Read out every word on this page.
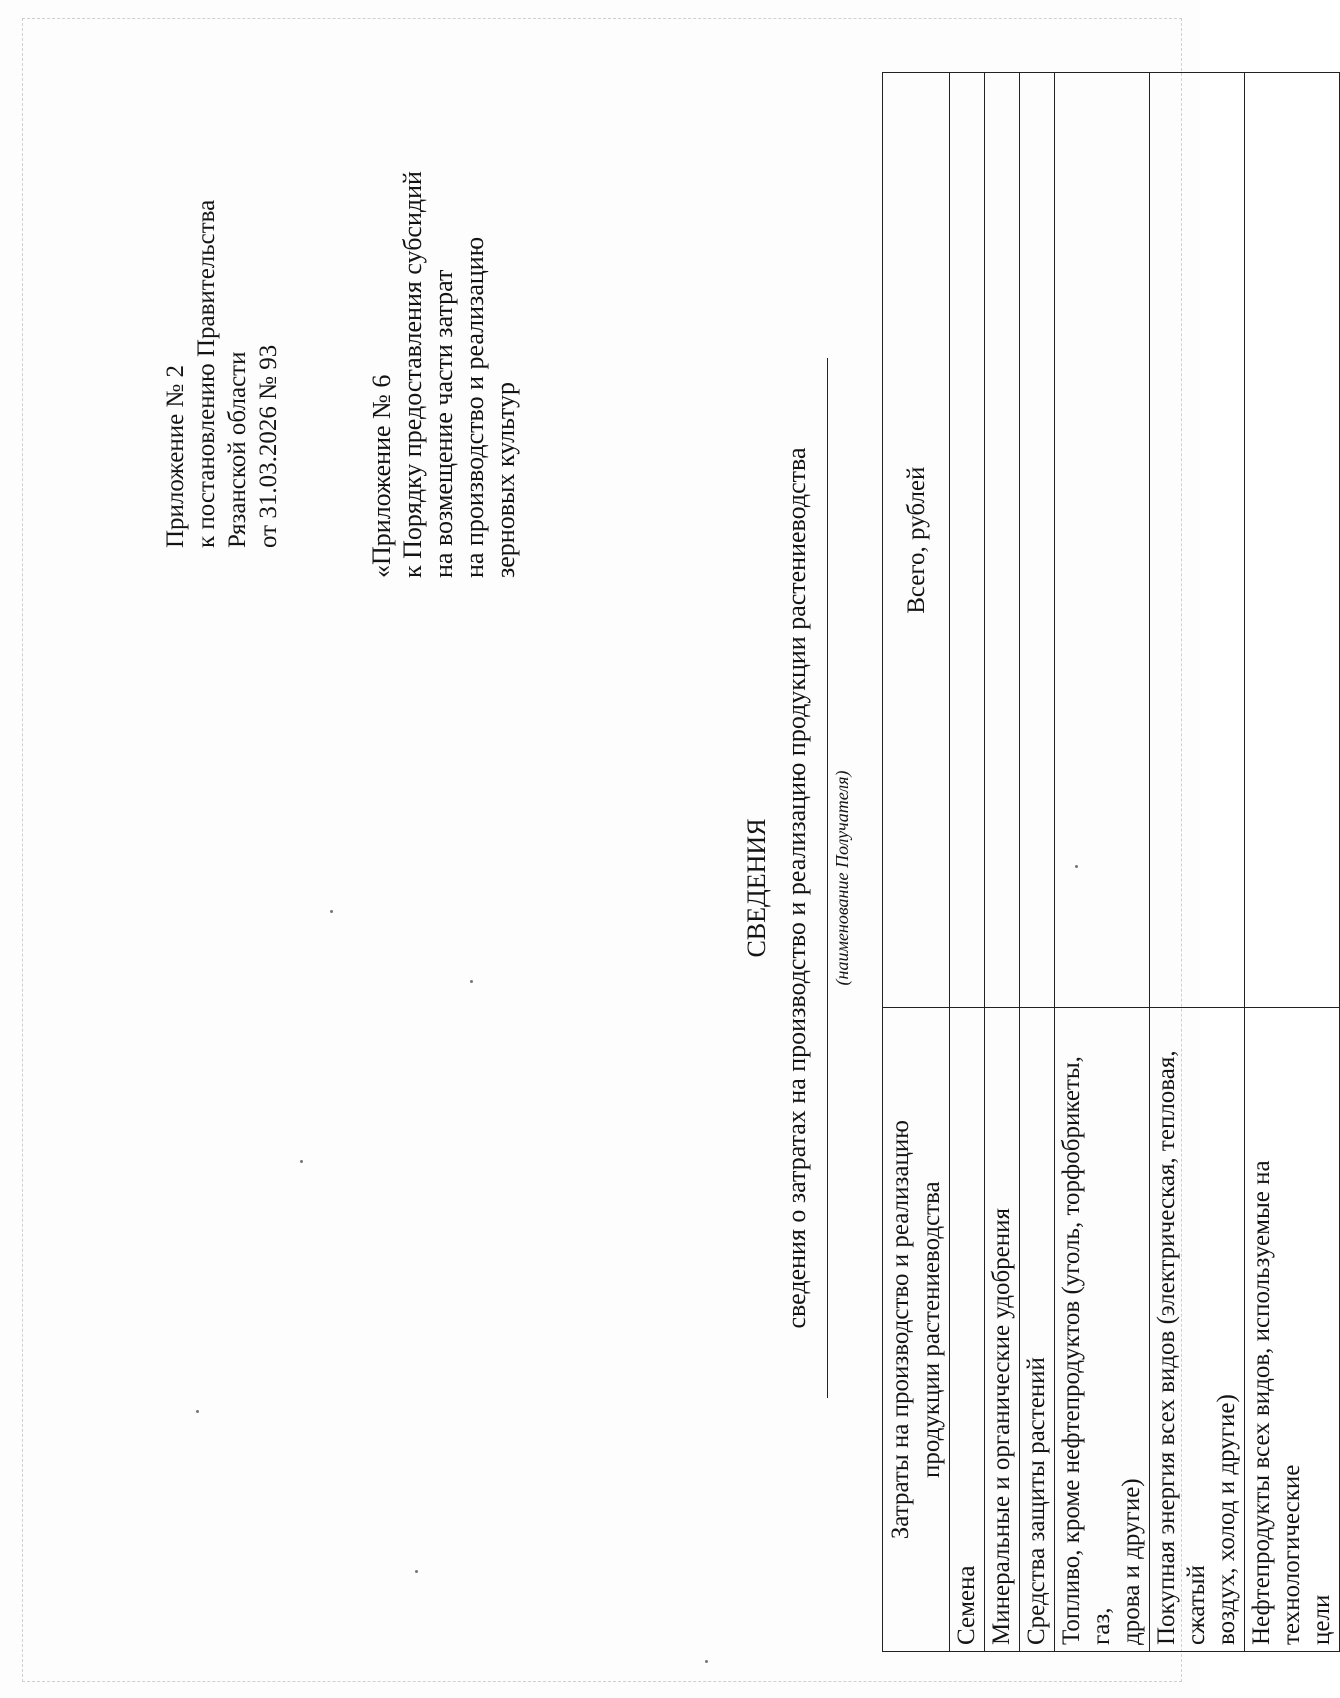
Приложение № 2 к постановлению Правительства Рязанской области от 31.03.2026 № 93	«Приложение № 6 к Порядку предоставления субсидий на возмещение части затрат на производство и реализацию зерновых культур
СВЕДЕНИЯ сведения о затратах на производство и реализацию продукции растениеводства (наименование Получателя)
Затраты на производство и реализацию продукции растениеводства	Всего, рублей

Семена	

Минеральные и органические удобрения	

Средства защиты растений	

Топливо, кроме нефтепродуктов (уголь, торфобрикеты, газ, дрова и другие)	

Покупная энергия всех видов (электрическая, тепловая, сжатый воздух, холод и другие)	

Нефтепродукты всех видов, используемые на технологические цели	
